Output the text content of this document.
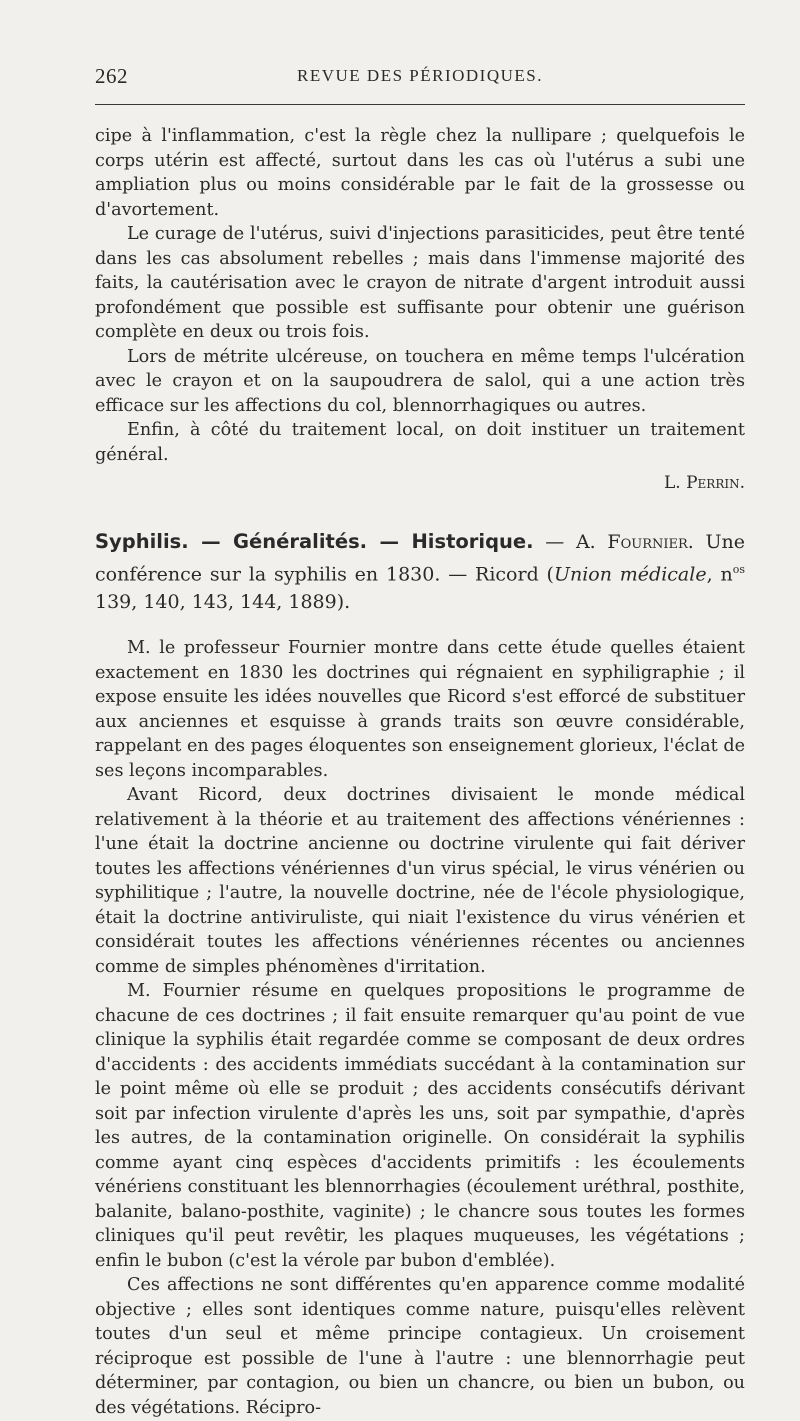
262	REVUE DES PÉRIODIQUES.

cipe à l'inflammation, c'est la règle chez la nullipare ; quelquefois le corps utérin est affecté, surtout dans les cas où l'utérus a subi une ampliation plus ou moins considérable par le fait de la grossesse ou d'avortement.

Le curage de l'utérus, suivi d'injections parasiticides, peut être tenté dans les cas absolument rebelles ; mais dans l'immense majorité des faits, la cautérisation avec le crayon de nitrate d'argent introduit aussi profondément que possible est suffisante pour obtenir une guérison complète en deux ou trois fois.

Lors de métrite ulcéreuse, on touchera en même temps l'ulcération avec le crayon et on la saupoudrera de salol, qui a une action très efficace sur les affections du col, blennorrhagiques ou autres.

Enfin, à côté du traitement local, on doit instituer un traitement général.

L. Perrin.
Syphilis. — Généralités. — Historique. — A. Fournier. Une conférence sur la syphilis en 1830. — Ricord (Union médicale, $n^{os}$ 139, 140, 143, 144, 1889).

M. le professeur Fournier montre dans cette étude quelles étaient exactement en 1830 les doctrines qui régnaient en syphiligraphie ; il expose ensuite les idées nouvelles que Ricord s'est efforcé de substituer aux anciennes et esquisse à grands traits son œuvre considérable, rappelant en des pages éloquentes son enseignement glorieux, l'éclat de ses leçons incomparables.

Avant Ricord, deux doctrines divisaient le monde médical relativement à la théorie et au traitement des affections vénériennes : l'une était la doctrine ancienne ou doctrine virulente qui fait dériver toutes les affections vénériennes d'un virus spécial, le virus vénérien ou syphilitique ; l'autre, la nouvelle doctrine, née de l'école physiologique, était la doctrine antiviruliste, qui niait l'existence du virus vénérien et considérait toutes les affections vénériennes récentes ou anciennes comme de simples phénomènes d'irritation.

M. Fournier résume en quelques propositions le programme de chacune de ces doctrines ; il fait ensuite remarquer qu'au point de vue clinique la syphilis était regardée comme se composant de deux ordres d'accidents : des accidents immédiats succédant à la contamination sur le point même où elle se produit ; des accidents consécutifs dérivant soit par infection virulente d'après les uns, soit par sympathie, d'après les autres, de la contamination originelle. On considérait la syphilis comme ayant cinq espèces d'accidents primitifs : les écoulements vénériens constituant les blennorrhagies (écoulement uréthral, posthite, balanite, balano-posthite, vaginite) ; le chancre sous toutes les formes cliniques qu'il peut revêtir, les plaques muqueuses, les végétations ; enfin le bubon (c'est la vérole par bubon d'emblée).

Ces affections ne sont différentes qu'en apparence comme modalité objective ; elles sont identiques comme nature, puisqu'elles relèvent toutes d'un seul et même principe contagieux. Un croisement réciproque est possible de l'une à l'autre : une blennorrhagie peut déterminer, par contagion, ou bien un chancre, ou bien un bubon, ou des végétations. Récipro-
